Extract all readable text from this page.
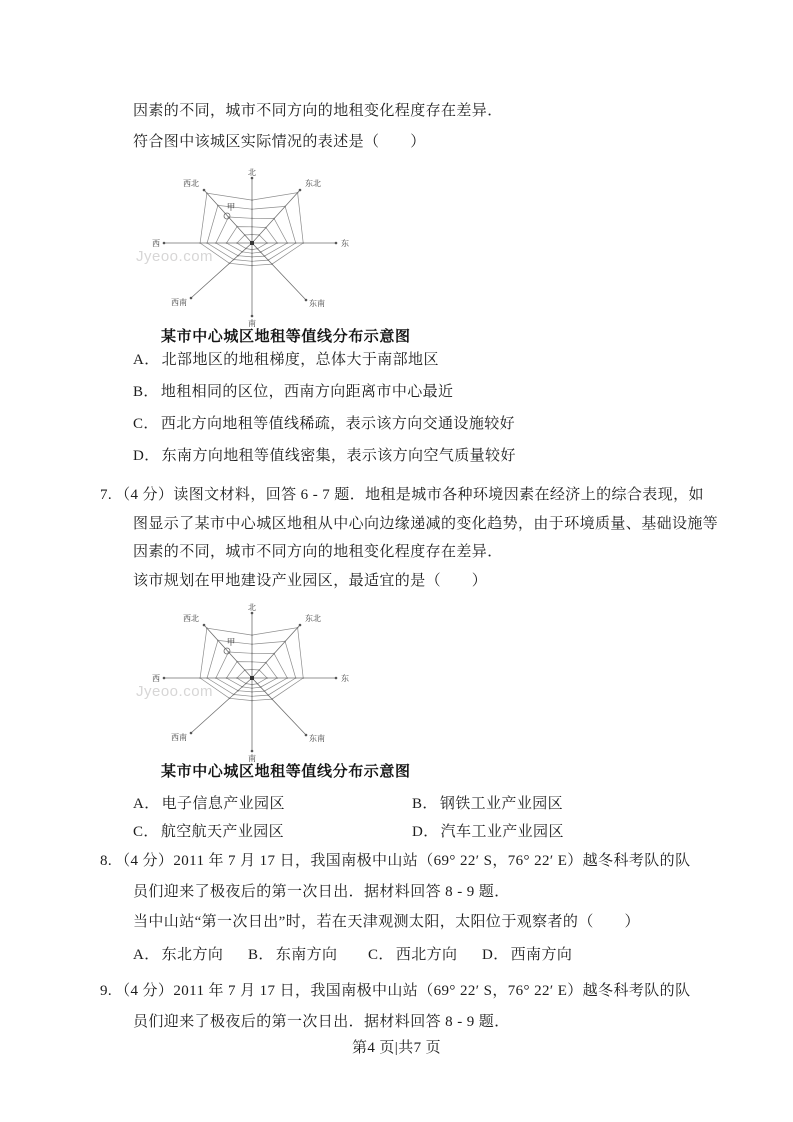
因素的不同，城市不同方向的地租变化程度存在差异．
符合图中该城区实际情况的表述是（　　）
Jyeoo.com
北
东北
东
东南
南
西南
西
西北
甲
某市中心城区地租等值线分布示意图
A． 北部地区的地租梯度，总体大于南部地区
B． 地租相同的区位，西南方向距离市中心最近
C． 西北方向地租等值线稀疏，表示该方向交通设施较好
D． 东南方向地租等值线密集，表示该方向空气质量较好
7. （4 分）读图文材料，回答 6 - 7 题．地租是城市各种环境因素在经济上的综合表现，如
图显示了某市中心城区地租从中心向边缘递减的变化趋势，由于环境质量、基础设施等
因素的不同，城市不同方向的地租变化程度存在差异．
该市规划在甲地建设产业园区，最适宜的是（　　）
Jyeoo.com
北
东北
东
东南
南
西南
西
西北
甲
某市中心城区地租等值线分布示意图
A． 电子信息产业园区	B． 钢铁工业产业园区
C． 航空航天产业园区	D． 汽车工业产业园区
8. （4 分）2011 年 7 月 17 日，我国南极中山站（69° 22′ S，76° 22′ E）越冬科考队的队
员们迎来了极夜后的第一次日出．据材料回答 8 - 9 题．
当中山站“第一次日出”时，若在天津观测太阳，太阳位于观察者的（　　）
A． 东北方向 B． 东南方向 C． 西北方向 D． 西南方向
9. （4 分）2011 年 7 月 17 日，我国南极中山站（69° 22′ S，76° 22′ E）越冬科考队的队
员们迎来了极夜后的第一次日出．据材料回答 8 - 9 题．
第4 页|共7 页
